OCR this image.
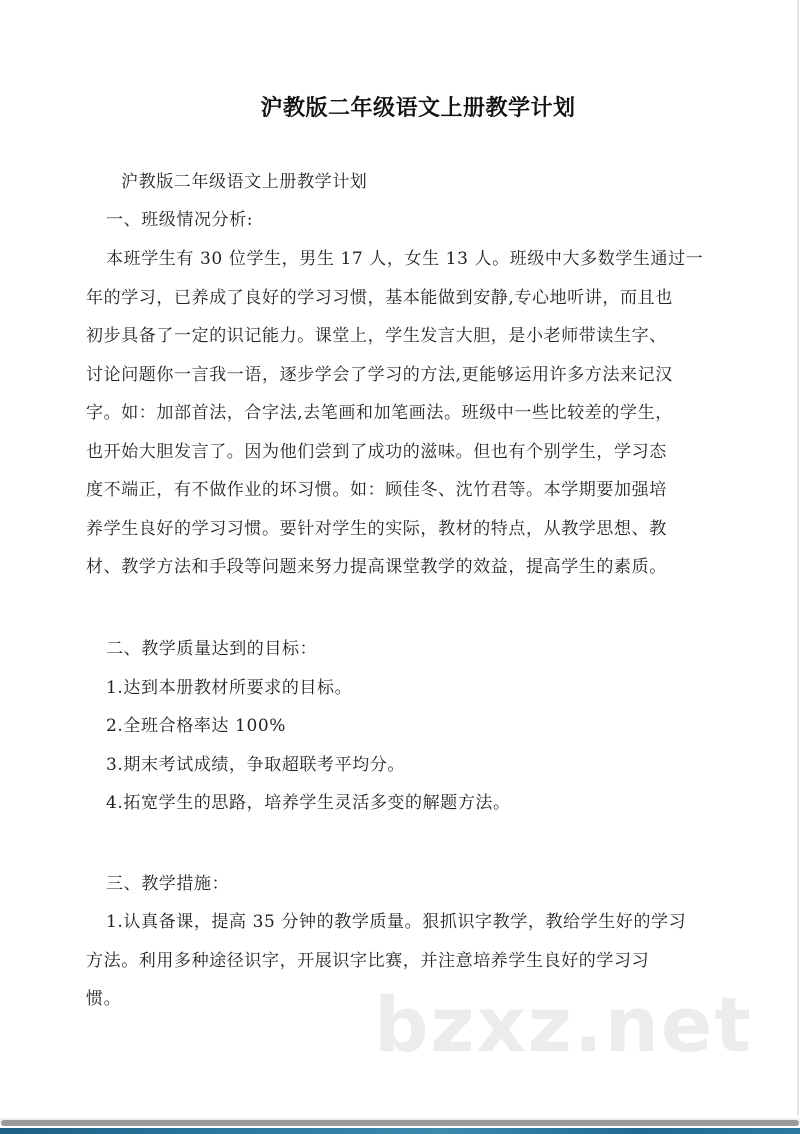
沪教版二年级语文上册教学计划
沪教版二年级语文上册教学计划
一、班级情况分析:
本班学生有 30 位学生，男生 17 人，女生 13 人。班级中大多数学生通过一
年的学习，已养成了良好的学习习惯，基本能做到安静,专心地听讲，而且也
初步具备了一定的识记能力。课堂上，学生发言大胆，是小老师带读生字、
讨论问题你一言我一语，逐步学会了学习的方法,更能够运用许多方法来记汉
字。如：加部首法，合字法,去笔画和加笔画法。班级中一些比较差的学生，
也开始大胆发言了。因为他们尝到了成功的滋味。但也有个别学生，学习态
度不端正，有不做作业的坏习惯。如：顾佳冬、沈竹君等。本学期要加强培
养学生良好的学习习惯。要针对学生的实际，教材的特点，从教学思想、教
材、教学方法和手段等问题来努力提高课堂教学的效益，提高学生的素质。
二、教学质量达到的目标：
1.达到本册教材所要求的目标。
2.全班合格率达 100%
3.期末考试成绩，争取超联考平均分。
4.拓宽学生的思路，培养学生灵活多变的解题方法。
三、教学措施：
1.认真备课，提高 35 分钟的教学质量。狠抓识字教学，教给学生好的学习
方法。利用多种途径识字，开展识字比赛，并注意培养学生良好的学习习
惯。	bzxz.net
